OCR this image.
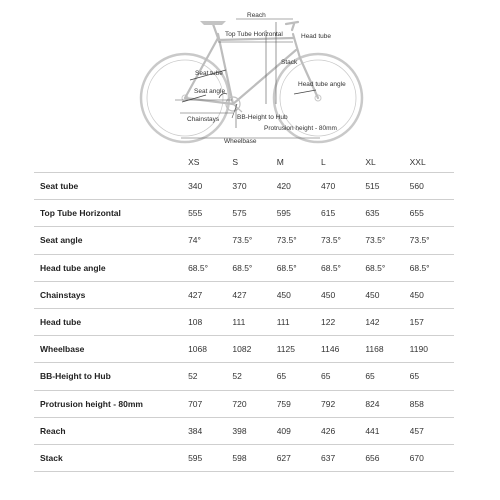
Reach
Top Tube Horizontal	Head tube
Stack
Seat tube
Seat angle
Head tube angle
Chainstays	BB-Height to Hub
Protrusion height - 80mm
Wheelbase
	XS	S	M	L	XL	XXL
Seat tube	340	370	420	470	515	560
Top Tube Horizontal	555	575	595	615	635	655
Seat angle	74°	73.5°	73.5°	73.5°	73.5°	73.5°
Head tube angle	68.5°	68.5°	68.5°	68.5°	68.5°	68.5°
Chainstays	427	427	450	450	450	450
Head tube	108	111	111	122	142	157
Wheelbase	1068	1082	1125	1146	1168	1190
BB-Height to Hub	52	52	65	65	65	65
Protrusion height - 80mm	707	720	759	792	824	858
Reach	384	398	409	426	441	457
Stack	595	598	627	637	656	670
